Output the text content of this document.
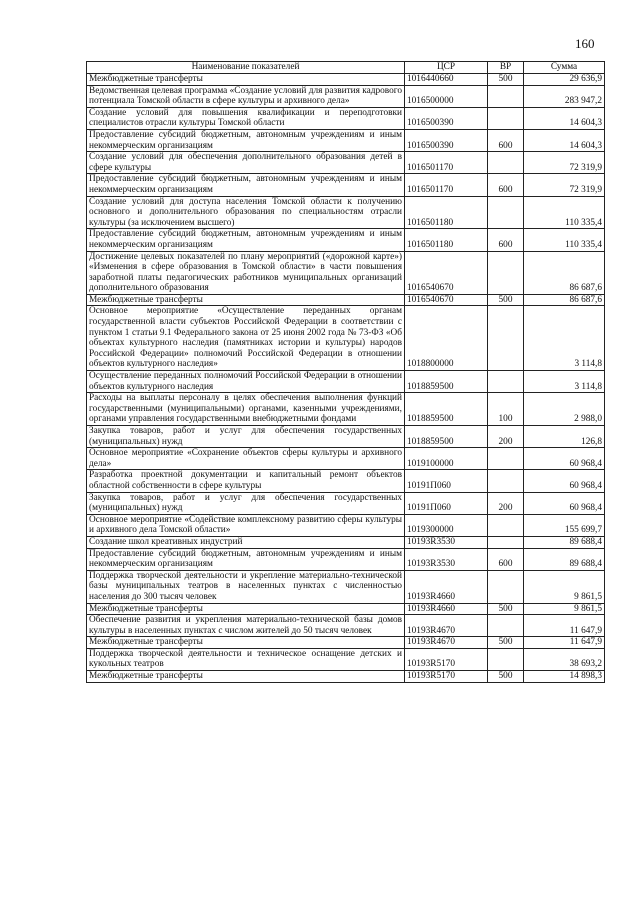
160
Наименование показателей	ЦСР	ВР	Сумма
Межбюджетные трансферты	1016440660	500	29 636,9
Ведомственная целевая программа «Создание условий для развития кадрового потенциала Томской области в сфере культуры и архивного дела»	1016500000		283 947,2
Создание условий для повышения квалификации и переподготовки специалистов отрасли культуры Томской области	1016500390		14 604,3
Предоставление субсидий бюджетным, автономным учреждениям и иным некоммерческим организациям	1016500390	600	14 604,3
Создание условий для обеспечения дополнительного образования детей в сфере культуры	1016501170		72 319,9
Предоставление субсидий бюджетным, автономным учреждениям и иным некоммерческим организациям	1016501170	600	72 319,9
Создание условий для доступа населения Томской области к получению основного и дополнительного образования по специальностям отрасли культуры (за исключением высшего)	1016501180		110 335,4
Предоставление субсидий бюджетным, автономным учреждениям и иным некоммерческим организациям	1016501180	600	110 335,4
Достижение целевых показателей по плану мероприятий («дорожной карте») «Изменения в сфере образования в Томской области» в части повышения заработной платы педагогических работников муниципальных организаций дополнительного образования	1016540670		86 687,6
Межбюджетные трансферты	1016540670	500	86 687,6
Основное мероприятие «Осуществление переданных органам государственной власти субъектов Российской Федерации в соответствии с пунктом 1 статьи 9.1 Федерального закона от 25 июня 2002 года № 73-ФЗ «Об объектах культурного наследия (памятниках истории и культуры) народов Российской Федерации» полномочий Российской Федерации в отношении объектов культурного наследия»	1018800000		3 114,8
Осуществление переданных полномочий Российской Федерации в отношении объектов культурного наследия	1018859500		3 114,8
Расходы на выплаты персоналу в целях обеспечения выполнения функций государственными (муниципальными) органами, казенными учреждениями, органами управления государственными внебюджетными фондами	1018859500	100	2 988,0
Закупка товаров, работ и услуг для обеспечения государственных (муниципальных) нужд	1018859500	200	126,8
Основное мероприятие «Сохранение объектов сферы культуры и архивного дела»	1019100000		60 968,4
Разработка проектной документации и капитальный ремонт объектов областной собственности в сфере культуры	10191П060		60 968,4
Закупка товаров, работ и услуг для обеспечения государственных (муниципальных) нужд	10191П060	200	60 968,4
Основное мероприятие «Содействие комплексному развитию сферы культуры и архивного дела Томской области»	1019300000		155 699,7
Создание школ креативных индустрий	10193R3530		89 688,4
Предоставление субсидий бюджетным, автономным учреждениям и иным некоммерческим организациям	10193R3530	600	89 688,4
Поддержка творческой деятельности и укрепление материально-технической базы муниципальных театров в населенных пунктах с численностью населения до 300 тысяч человек	10193R4660		9 861,5
Межбюджетные трансферты	10193R4660	500	9 861,5
Обеспечение развития и укрепления материально-технической базы домов культуры в населенных пунктах с числом жителей до 50 тысяч человек	10193R4670		11 647,9
Межбюджетные трансферты	10193R4670	500	11 647,9
Поддержка творческой деятельности и техническое оснащение детских и кукольных театров	10193R5170		38 693,2
Межбюджетные трансферты	10193R5170	500	14 898,3
